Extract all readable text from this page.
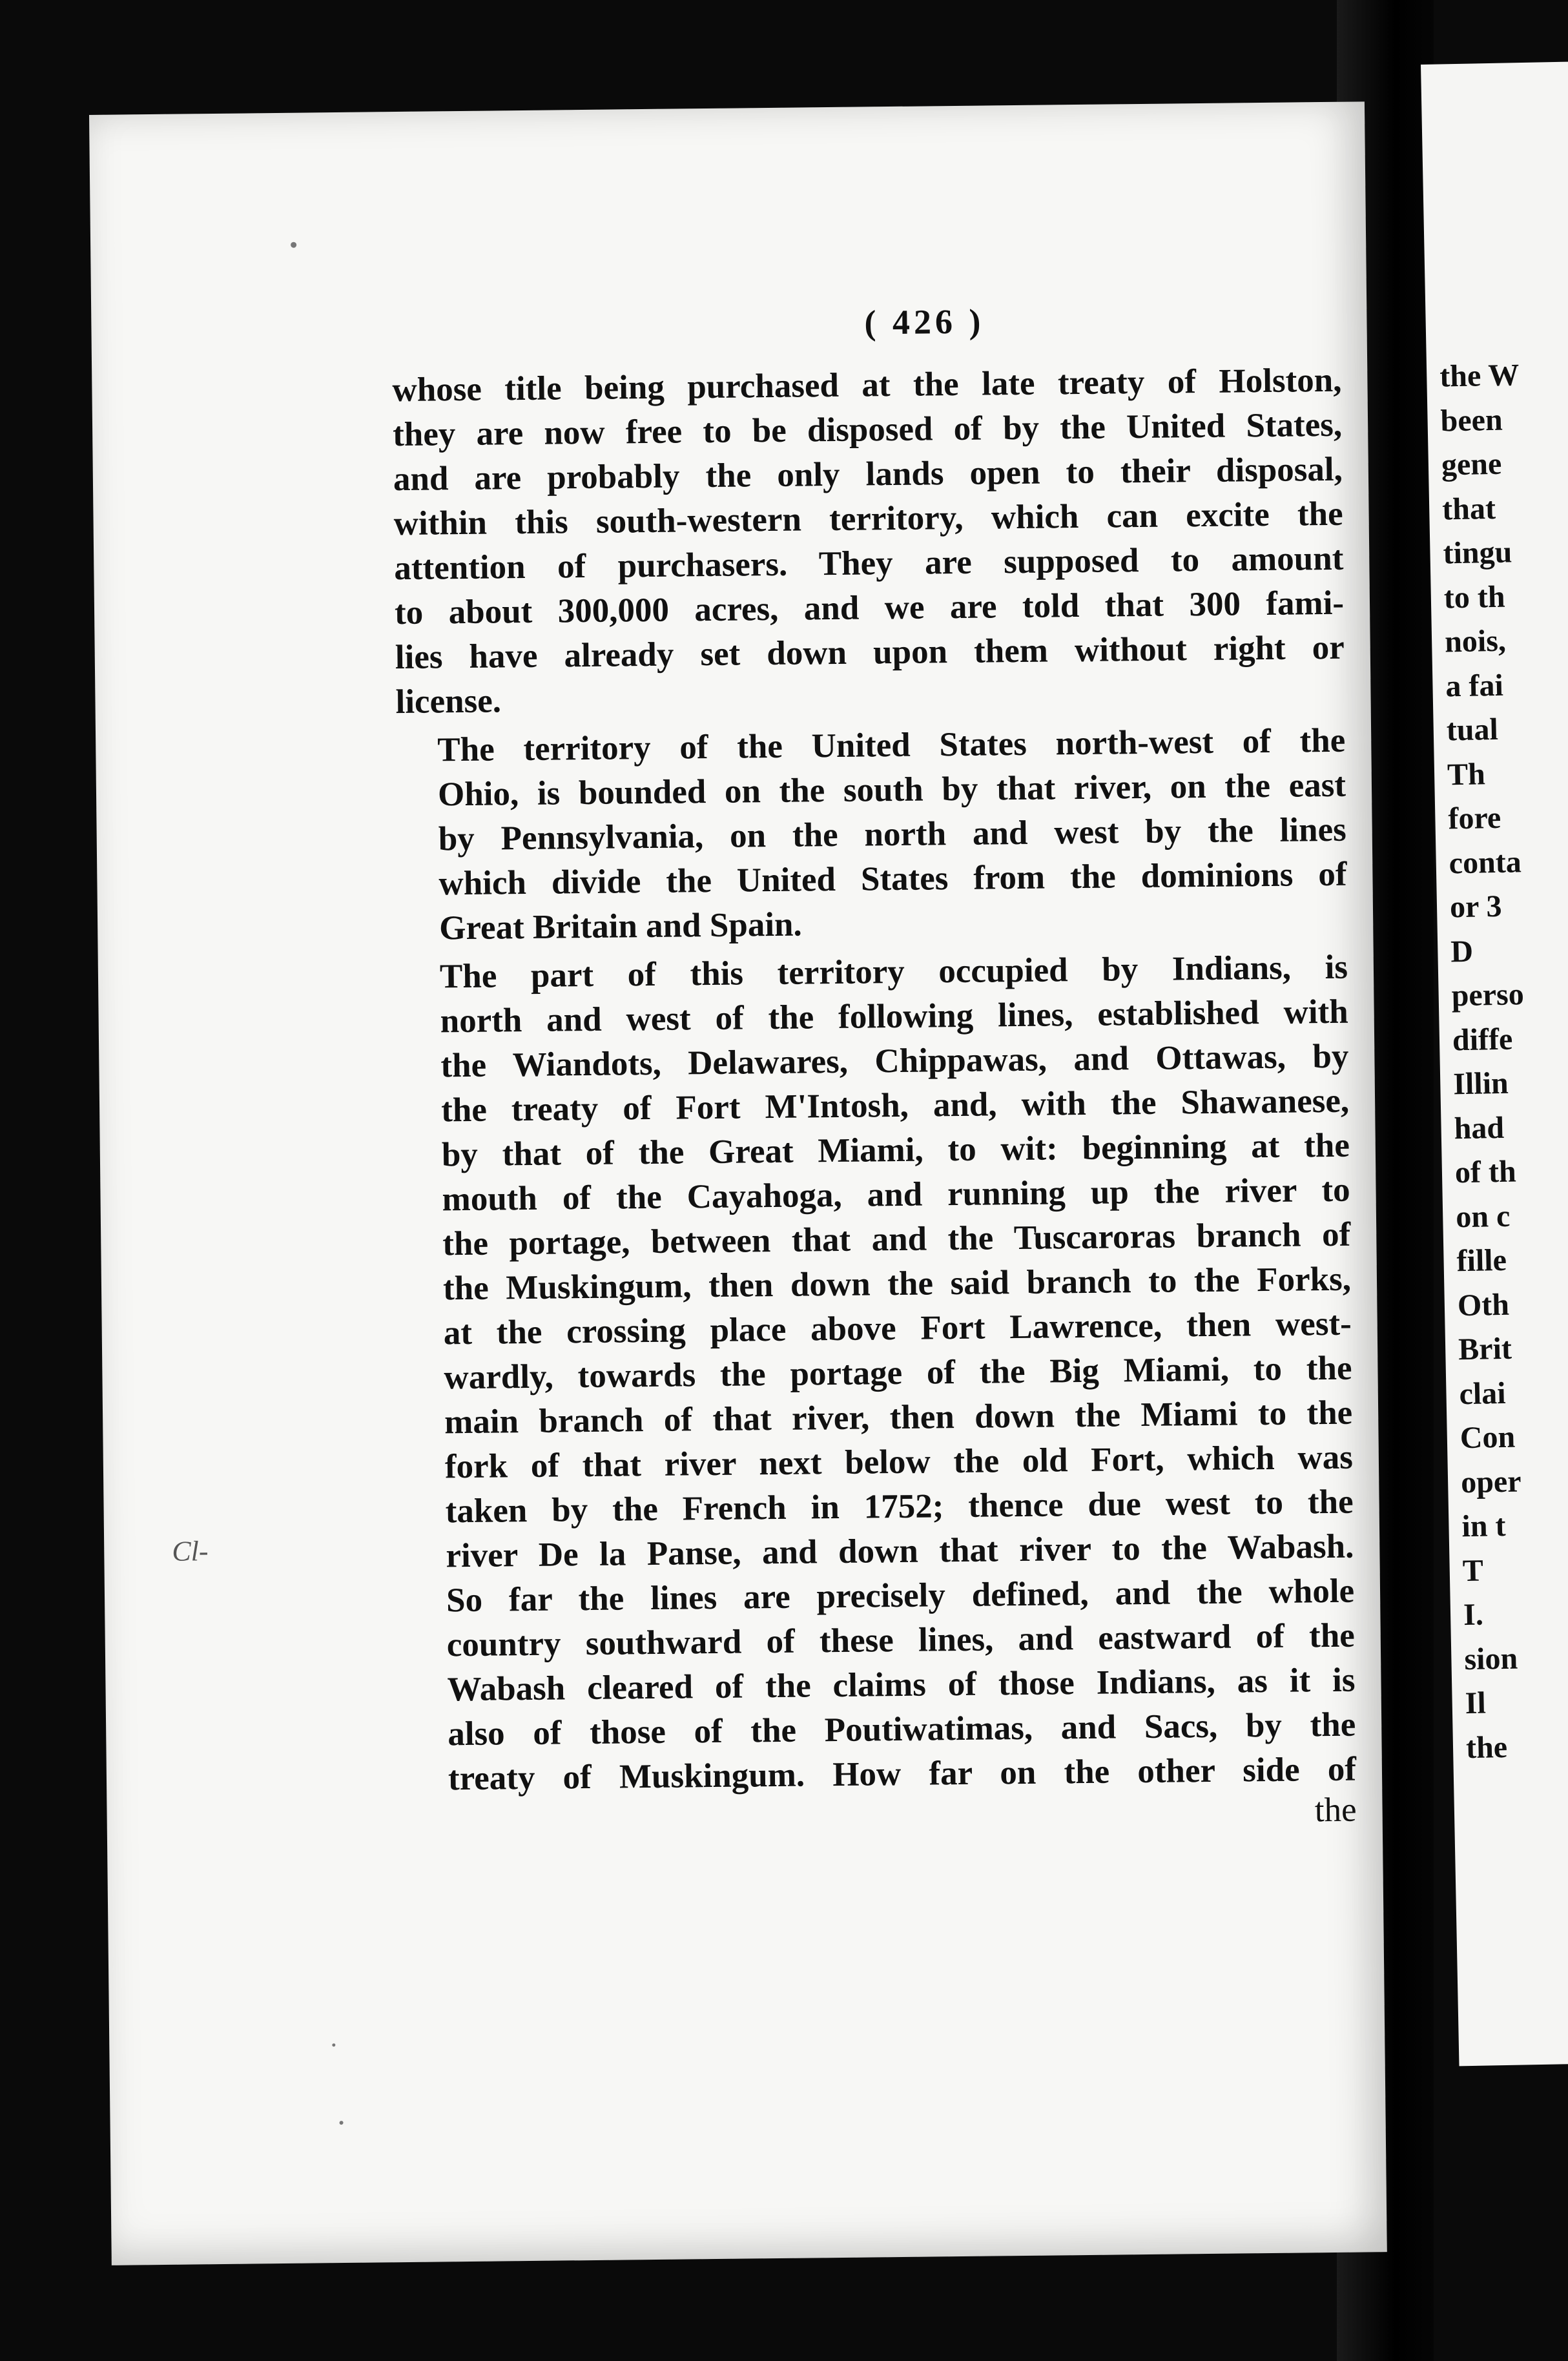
the W
been
gene
that
tingu
to th
nois,
a fai
tual
Th
fore
conta
or 3
D
perso
diffe
Illin
had
of th
on c
fille
Oth
Brit
clai
Con
oper
in t
T
I.
sion
Il
the
Cl-
( 426 )
whose title being purchased at the late treaty of Holston,
they are now free to be disposed of by the United States,
and are probably the only lands open to their disposal,
within this south-western territory, which can excite the
attention of purchasers. They are supposed to amount
to about 300,000 acres, and we are told that 300 fami-
lies have already set down upon them without right or
license.
The territory of the United States north-west of the
Ohio, is bounded on the south by that river, on the east
by Pennsylvania, on the north and west by the lines
which divide the United States from the dominions of
Great Britain and Spain.
The part of this territory occupied by Indians, is
north and west of the following lines, established with
the Wiandots, Delawares, Chippawas, and Ottawas, by
the treaty of Fort M'Intosh, and, with the Shawanese,
by that of the Great Miami, to wit: beginning at the
mouth of the Cayahoga, and running up the river to
the portage, between that and the Tuscaroras branch of
the Muskingum, then down the said branch to the Forks,
at the crossing place above Fort Lawrence, then west-
wardly, towards the portage of the Big Miami, to the
main branch of that river, then down the Miami to the
fork of that river next below the old Fort, which was
taken by the French in 1752; thence due west to the
river De la Panse, and down that river to the Wabash.
So far the lines are precisely defined, and the whole
country southward of these lines, and eastward of the
Wabash cleared of the claims of those Indians, as it is
also of those of the Poutiwatimas, and Sacs, by the
treaty of Muskingum. How far on the other side of
the
